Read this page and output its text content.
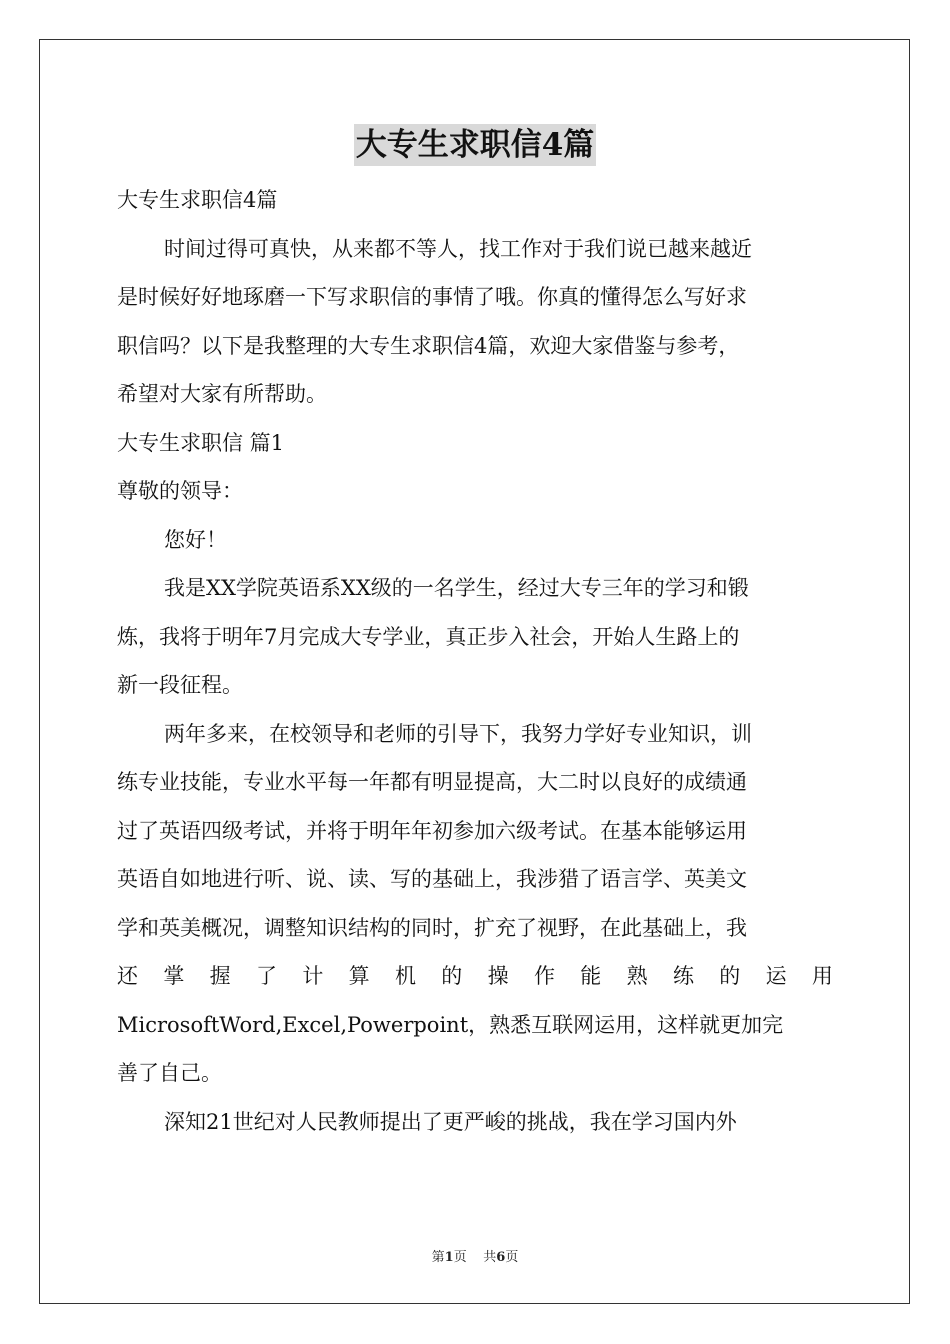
大专生求职信4篇
大专生求职信4篇
时间过得可真快，从来都不等人，找工作对于我们说已越来越近
是时候好好地琢磨一下写求职信的事情了哦。你真的懂得怎么写好求
职信吗？以下是我整理的大专生求职信4篇，欢迎大家借鉴与参考，
希望对大家有所帮助。
大专生求职信 篇1
尊敬的领导：
您好！
我是XX学院英语系XX级的一名学生，经过大专三年的学习和锻
炼，我将于明年7月完成大专学业，真正步入社会，开始人生路上的
新一段征程。
两年多来，在校领导和老师的引导下，我努力学好专业知识，训
练专业技能，专业水平每一年都有明显提高，大二时以良好的成绩通
过了英语四级考试，并将于明年年初参加六级考试。在基本能够运用
英语自如地进行听、说、读、写的基础上，我涉猎了语言学、英美文
学和英美概况，调整知识结构的同时，扩充了视野，在此基础上，我
还 掌 握 了 计 算 机 的 操 作 能 熟 练 的 运 用
MicrosoftWord,Excel,Powerpoint，熟悉互联网运用，这样就更加完
善了自己。
深知21世纪对人民教师提出了更严峻的挑战，我在学习国内外
第1页 共6页
